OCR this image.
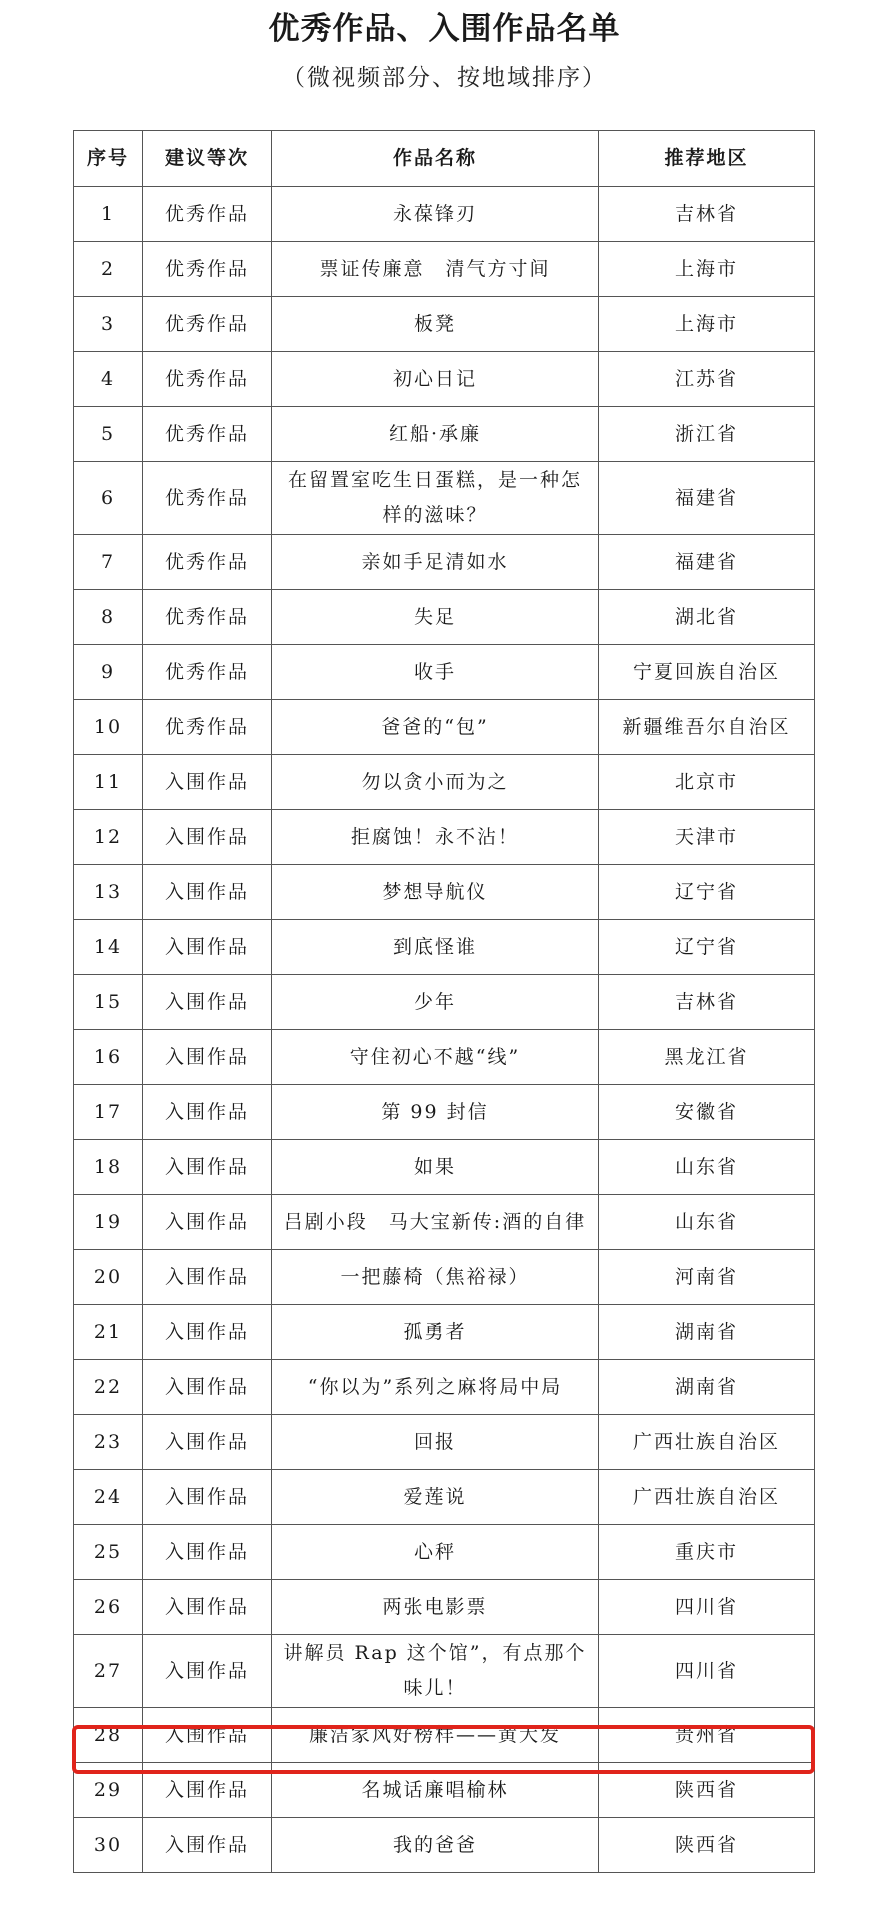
优秀作品、入围作品名单
（微视频部分、按地域排序）
序号	建议等次	作品名称	推荐地区
1	优秀作品	永葆锋刃	吉林省
2	优秀作品	票证传廉意　清气方寸间	上海市
3	优秀作品	板凳	上海市
4	优秀作品	初心日记	江苏省
5	优秀作品	红船·承廉	浙江省
6	优秀作品	在留置室吃生日蛋糕，是一种怎样的滋味？	福建省
7	优秀作品	亲如手足清如水	福建省
8	优秀作品	失足	湖北省
9	优秀作品	收手	宁夏回族自治区
10	优秀作品	爸爸的“包”	新疆维吾尔自治区
11	入围作品	勿以贪小而为之	北京市
12	入围作品	拒腐蚀！永不沾！	天津市
13	入围作品	梦想导航仪	辽宁省
14	入围作品	到底怪谁	辽宁省
15	入围作品	少年	吉林省
16	入围作品	守住初心不越“线”	黑龙江省
17	入围作品	第 99 封信	安徽省
18	入围作品	如果	山东省
19	入围作品	吕剧小段　马大宝新传:酒的自律	山东省
20	入围作品	一把藤椅（焦裕禄）	河南省
21	入围作品	孤勇者	湖南省
22	入围作品	“你以为”系列之麻将局中局	湖南省
23	入围作品	回报	广西壮族自治区
24	入围作品	爱莲说	广西壮族自治区
25	入围作品	心秤	重庆市
26	入围作品	两张电影票	四川省
27	入围作品	讲解员 Rap 这个馆”，有点那个味儿！	四川省
28	入围作品	廉洁家风好榜样——黄大发	贵州省
29	入围作品	名城话廉唱榆林	陕西省
30	入围作品	我的爸爸	陕西省
